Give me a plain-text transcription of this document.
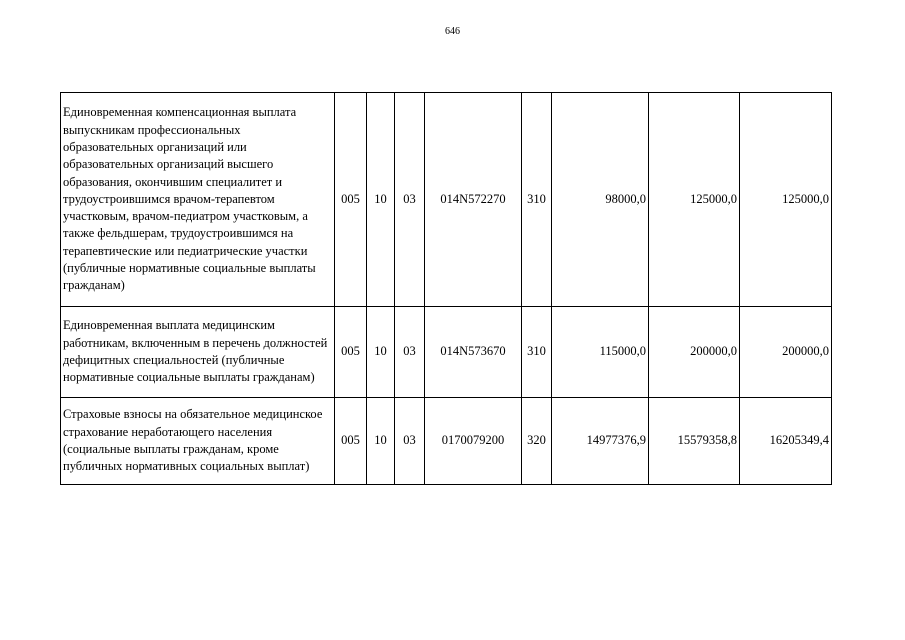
646
Единовременная компенсационная выплата выпускникам профессиональных образовательных организаций или образовательных организаций высшего образования, окончившим специалитет и трудоустроившимся врачом-терапевтом участковым, врачом-педиатром участковым, а также фельдшерам, трудоустроившимся на терапевтические или педиатрические участки (публичные нормативные социальные выплаты гражданам)	005	10	03	014N572270	310	98000,0	125000,0	125000,0
Единовременная выплата медицинским работникам, включенным в перечень должностей дефицитных специальностей (публичные нормативные социальные выплаты гражданам)	005	10	03	014N573670	310	115000,0	200000,0	200000,0
Страховые взносы на обязательное медицинское страхование неработающего населения (социальные выплаты гражданам, кроме публичных нормативных социальных выплат)	005	10	03	0170079200	320	14977376,9	15579358,8	16205349,4
